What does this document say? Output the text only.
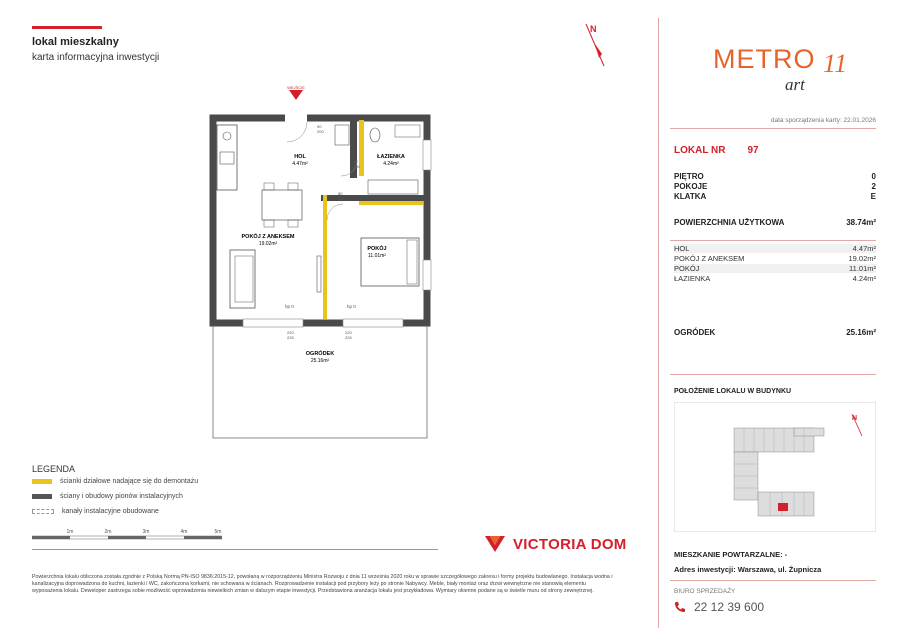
lokal mieszkalny
karta informacyjna inwestycji
N
WEJŚCIE
HOL
4.47m²
ŁAZIENKA
4.24m²
POKÓJ Z ANEKSEM
19.02m²
POKÓJ
11.01m²
OGRÓDEK
25.16m²
90
200
80
200
80
200
hp 0	hp 0
220
226
220
226
LEGENDA
ścianki działowe nadające się do demontażu
ściany i obudowy pionów instalacyjnych
kanały instalacyjne obudowane
1m	2m	3m	4m	5m
VICTORIA DOM
Powierzchnia lokalu obliczona została zgodnie z Polską Normą PN-ISO 9836:2015-12, powołaną w rozporządzeniu Ministra Rozwoju z dnia 11 września 2020 roku w sprawie szczegółowego zakresu i formy projektu budowlanego. Instalacja wodna i kanalizacyjna doprowadzona do kuchni, łazienki i WC, zakończona korkami, nie schowana w ścianach. Rozprowadzenie instalacji pod przybory leży po stronie Nabywcy. Meble, biały montaż oraz drzwi wewnętrzne nie stanowią elementu wyposażenia lokalu. Deweloper zastrzega sobie możliwość wprowadzenia niewielkich zmian w dalszym etapie inwestycji. Przedstawiona aranżacja lokalu jest przykładowa. Wymiary okienne podane są w świetle muru od strony zewnętrznej.
METRO 11
art
data sporządzenia karty: 22.01.2026
LOKAL NR 97
PIĘTRO	0
POKOJE	2
KLATKA	E
POWIERZCHNIA UŻYTKOWA	38.74m²
HOL	4.47m²
POKÓJ Z ANEKSEM	19.02m²
POKÓJ	11.01m²
ŁAZIENKA	4.24m²
OGRÓDEK	25.16m²
POŁOŻENIE LOKALU W BUDYNKU
N
MIESZKANIE POWTARZALNE: -
Adres inwestycji: Warszawa, ul. Żupnicza
BIURO SPRZEDAŻY
22 12 39 600
